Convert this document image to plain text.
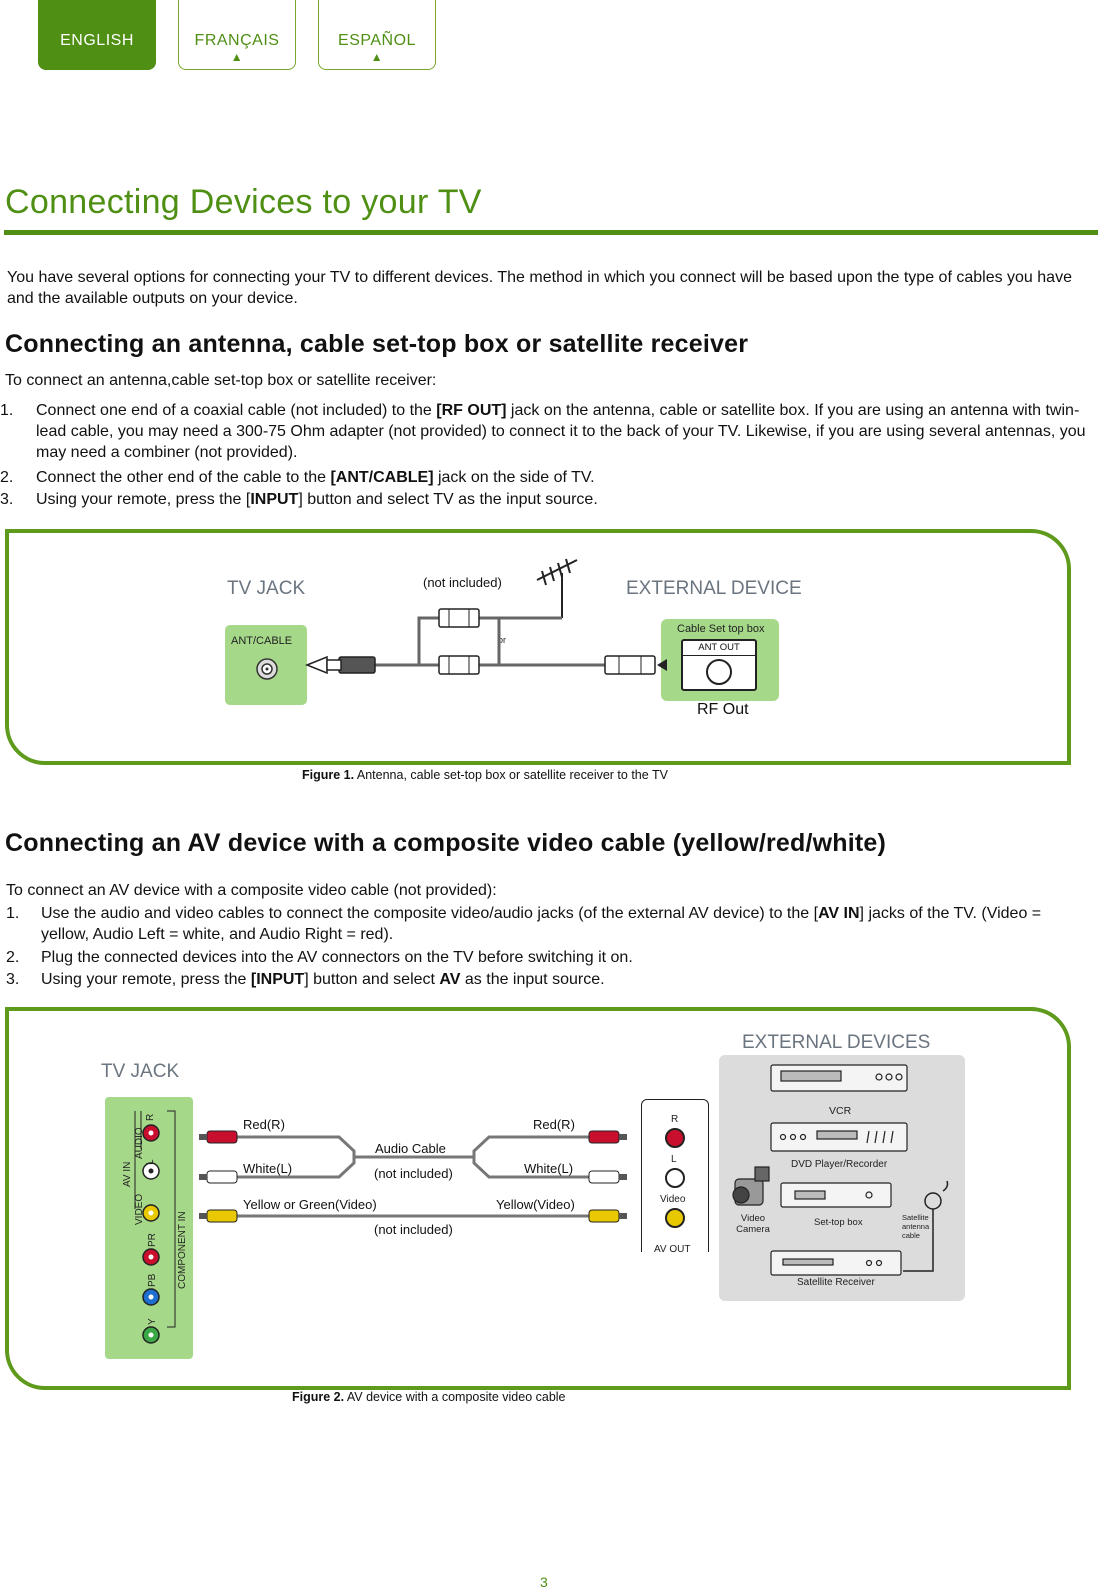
ENGLISH	FRANÇAIS
▲
ESPAÑOL
▲
Connecting Devices to your TV

You have several options for connecting your TV to different devices. The method in which you connect will be based upon the type of cables you have and the available outputs on your device.

Connecting an antenna, cable set-top box or satellite receiver

To connect an antenna,cable set-top box or satellite receiver:

1. Connect one end of a coaxial cable (not included) to the [RF OUT] jack on the antenna, cable or satellite box. If you are using an antenna with twin-lead cable, you may need a 300-75 Ohm adapter (not provided) to connect it to the back of your TV. Likewise, if you are using several antennas, you may need a combiner (not provided).
2. Connect the other end of the cable to the [ANT/CABLE] jack on the side of TV.
3. Using your remote, press the [INPUT] button and select TV as the input source.
TV JACK	EXTERNAL DEVICE
(not included)
ANT/CABLE
Cable Set top box
ANT OUT
RF Out
or
Figure 1. Antenna, cable set-top box or satellite receiver to the TV
Connecting an AV device with a composite video cable (yellow/red/white)

To connect an AV device with a composite video cable (not provided):

1. Use the audio and video cables to connect the composite video/audio jacks (of the external AV device) to the [AV IN] jacks of the TV. (Video = yellow, Audio Left = white, and Audio Right = red).
2. Plug the connected devices into the AV connectors on the TV before switching it on.
3. Using your remote, press the [INPUT] button and select AV as the input source.
TV JACK
EXTERNAL DEVICES
AV IN
AUDIO
VIDEO
R
L
COMPONENT IN
PR
PB
Y
Red(R)	Red(R)
Audio Cable
White(L)	(not included)	White(L)
Yellow or Green(Video)	Yellow(Video)
(not included)
R
L
Video
AV OUT
VCR
DVD Player/Recorder
Video Camera
Set-top box	Satellite antenna cable
Satellite Receiver
Figure 2. AV device with a composite video cable
3
